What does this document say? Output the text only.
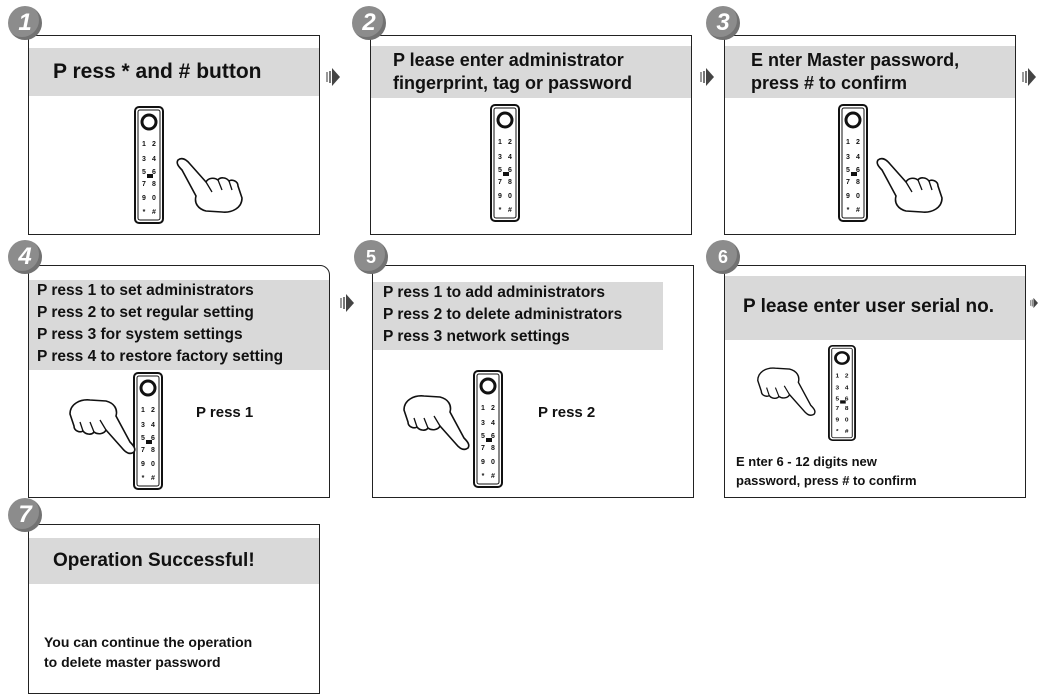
P ress * and # button
1
P lease enter administrator
fingerprint, tag or password
2
E nter Master password,
press # to confirm
3
P ress 1 to set administrators
P ress 2 to set regular setting
P ress 3 for system settings
P ress 4 to restore factory setting
4
P ress 1
P ress 1 to add administrators
P ress 2 to delete administrators
P ress 3 network settings
5
P ress 2
P lease enter user serial no.
6
E nter 6 - 12 digits new
password, press # to confirm
Operation Successful!
7
You can continue the operation
to delete master password
